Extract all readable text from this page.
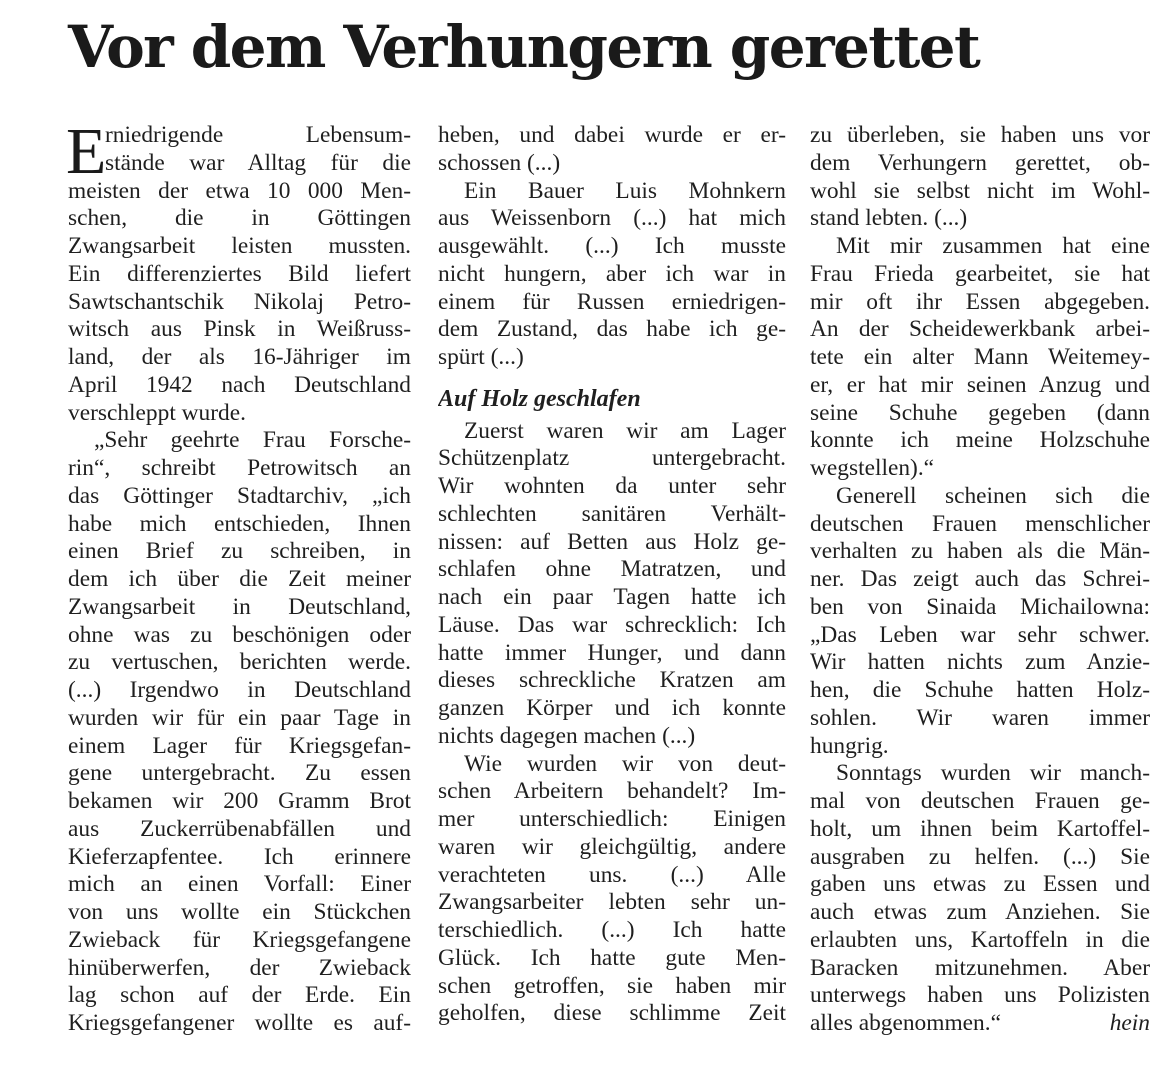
Vor dem Verhungern gerettet
E
rniedrigende Lebensum-
stände war Alltag für die
meisten der etwa 10 000 Men-
schen, die in Göttingen
Zwangsarbeit leisten mussten.
Ein differenziertes Bild liefert
Sawtschantschik Nikolaj Petro-
witsch aus Pinsk in Weißruss-
land, der als 16-Jähriger im
April 1942 nach Deutschland
verschleppt wurde.
„Sehr geehrte Frau Forsche-
rin“, schreibt Petrowitsch an
das Göttinger Stadtarchiv, „ich
habe mich entschieden, Ihnen
einen Brief zu schreiben, in
dem ich über die Zeit meiner
Zwangsarbeit in Deutschland,
ohne was zu beschönigen oder
zu vertuschen, berichten werde.
(...) Irgendwo in Deutschland
wurden wir für ein paar Tage in
einem Lager für Kriegsgefan-
gene untergebracht. Zu essen
bekamen wir 200 Gramm Brot
aus Zuckerrübenabfällen und
Kieferzapfentee. Ich erinnere
mich an einen Vorfall: Einer
von uns wollte ein Stückchen
Zwieback für Kriegsgefangene
hinüberwerfen, der Zwieback
lag schon auf der Erde. Ein
Kriegsgefangener wollte es auf-
heben, und dabei wurde er er-
schossen (...)
Ein Bauer Luis Mohnkern
aus Weissenborn (...) hat mich
ausgewählt. (...) Ich musste
nicht hungern, aber ich war in
einem für Russen erniedrigen-
dem Zustand, das habe ich ge-
spürt (...)
Auf Holz geschlafen
Zuerst waren wir am Lager
Schützenplatz untergebracht.
Wir wohnten da unter sehr
schlechten sanitären Verhält-
nissen: auf Betten aus Holz ge-
schlafen ohne Matratzen, und
nach ein paar Tagen hatte ich
Läuse. Das war schrecklich: Ich
hatte immer Hunger, und dann
dieses schreckliche Kratzen am
ganzen Körper und ich konnte
nichts dagegen machen (...)
Wie wurden wir von deut-
schen Arbeitern behandelt? Im-
mer unterschiedlich: Einigen
waren wir gleichgültig, andere
verachteten uns. (...) Alle
Zwangsarbeiter lebten sehr un-
terschiedlich. (...) Ich hatte
Glück. Ich hatte gute Men-
schen getroffen, sie haben mir
geholfen, diese schlimme Zeit
zu überleben, sie haben uns vor
dem Verhungern gerettet, ob-
wohl sie selbst nicht im Wohl-
stand lebten. (...)
Mit mir zusammen hat eine
Frau Frieda gearbeitet, sie hat
mir oft ihr Essen abgegeben.
An der Scheidewerkbank arbei-
tete ein alter Mann Weitemey-
er, er hat mir seinen Anzug und
seine Schuhe gegeben (dann
konnte ich meine Holzschuhe
wegstellen).“
Generell scheinen sich die
deutschen Frauen menschlicher
verhalten zu haben als die Män-
ner. Das zeigt auch das Schrei-
ben von Sinaida Michailowna:
„Das Leben war sehr schwer.
Wir hatten nichts zum Anzie-
hen, die Schuhe hatten Holz-
sohlen. Wir waren immer
hungrig.
Sonntags wurden wir manch-
mal von deutschen Frauen ge-
holt, um ihnen beim Kartoffel-
ausgraben zu helfen. (...) Sie
gaben uns etwas zu Essen und
auch etwas zum Anziehen. Sie
erlaubten uns, Kartoffeln in die
Baracken mitzunehmen. Aber
unterwegs haben uns Polizisten
alles abgenommen.“	hein
